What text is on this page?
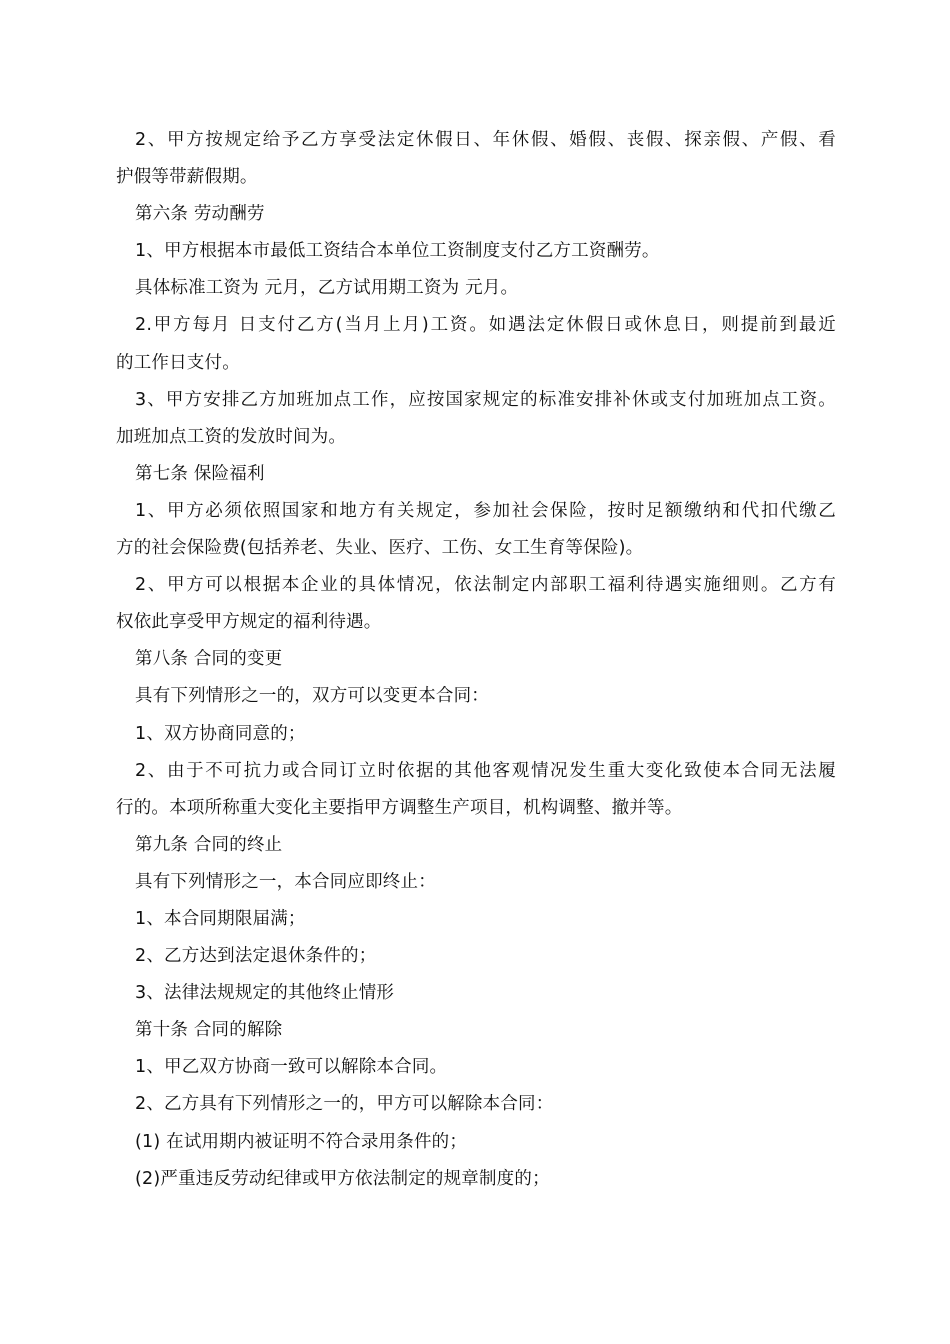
2、甲方按规定给予乙方享受法定休假日、年休假、婚假、丧假、探亲假、产假、看
护假等带薪假期。
第六条 劳动酬劳
1、甲方根据本市最低工资结合本单位工资制度支付乙方工资酬劳。
具体标准工资为 元月，乙方试用期工资为 元月。
2.甲方每月 日支付乙方(当月上月)工资。如遇法定休假日或休息日，则提前到最近
的工作日支付。
3、甲方安排乙方加班加点工作，应按国家规定的标准安排补休或支付加班加点工资。
加班加点工资的发放时间为。
第七条 保险福利
1、甲方必须依照国家和地方有关规定，参加社会保险，按时足额缴纳和代扣代缴乙
方的社会保险费(包括养老、失业、医疗、工伤、女工生育等保险)。
2、甲方可以根据本企业的具体情况，依法制定内部职工福利待遇实施细则。乙方有
权依此享受甲方规定的福利待遇。
第八条 合同的变更
具有下列情形之一的，双方可以变更本合同：
1、双方协商同意的；
2、由于不可抗力或合同订立时依据的其他客观情况发生重大变化致使本合同无法履
行的。本项所称重大变化主要指甲方调整生产项目，机构调整、撤并等。
第九条 合同的终止
具有下列情形之一，本合同应即终止：
1、本合同期限届满；
2、乙方达到法定退休条件的；
3、法律法规规定的其他终止情形
第十条 合同的解除
1、甲乙双方协商一致可以解除本合同。
2、乙方具有下列情形之一的，甲方可以解除本合同：
(1) 在试用期内被证明不符合录用条件的；
(2)严重违反劳动纪律或甲方依法制定的规章制度的；
